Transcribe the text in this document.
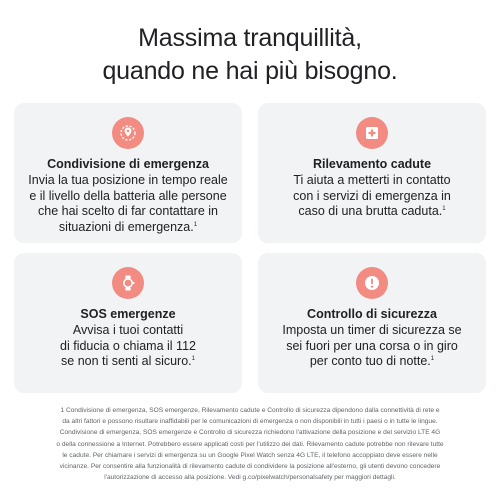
Massima tranquillità,
quando ne hai più bisogno.
Condivisione di emergenza
Invia la tua posizione in tempo reale
e il livello della batteria alle persone
che hai scelto di far contattare in
situazioni di emergenza.$^1$
Rilevamento cadute
Ti aiuta a metterti in contatto
con i servizi di emergenza in
caso di una brutta caduta.$^1$
SOS emergenze
Avvisa i tuoi contatti
di fiducia o chiama il 112
se non ti senti al sicuro.$^1$
Controllo di sicurezza
Imposta un timer di sicurezza se
sei fuori per una corsa o in giro
per conto tuo di notte.$^1$
1 Condivisione di emergenza, SOS emergenze, Rilevamento cadute e Controllo di sicurezza dipendono dalla connettività di rete e
da altri fattori e possono risultare inaffidabili per le comunicazioni di emergenza o non disponibili in tutti i paesi o in tutte le lingue.
Condivisione di emergenza, SOS emergenze e Controllo di sicurezza richiedono l'attivazione della posizione e del servizio LTE 4G
o della connessione a Internet. Potrebbero essere applicati costi per l'utilizzo dei dati. Rilevamento cadute potrebbe non rilevare tutte
le cadute. Per chiamare i servizi di emergenza su un Google Pixel Watch senza 4G LTE, il telefono accoppiato deve essere nelle
vicinanze. Per consentire alla funzionalità di rilevamento cadute di condividere la posizione all'esterno, gli utenti devono concedere
l'autorizzazione di accesso alla posizione. Vedi g.co/pixelwatch/personalsafety per maggiori dettagli.
